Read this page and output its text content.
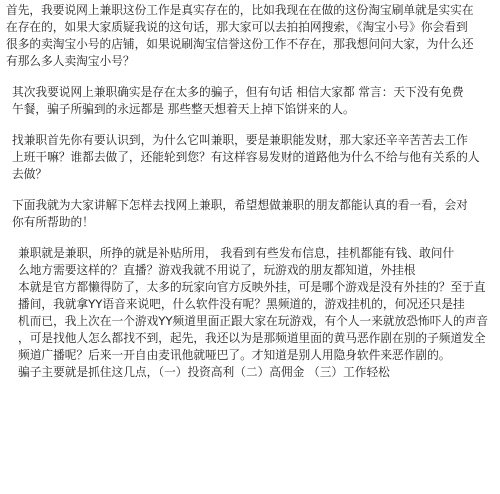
首先，我要说网上兼职这份工作是真实存在的，比如我现在在做的这份淘宝刷单就是实实在
在存在的，如果大家质疑我说的这句话，那大家可以去拍拍网搜索，《淘宝小号》你会看到
很多的卖淘宝小号的店铺，如果说刷淘宝信誉这份工作不存在，那我想问问大家，为什么还
有那么多人卖淘宝小号？
其次我要说网上兼职确实是存在太多的骗子，但有句话 相信大家都 常言：天下没有免费
午餐，骗子所骗到的永远都是 那些整天想着天上掉下馅饼来的人。
找兼职首先你有要认识到，为什么它叫兼职，要是兼职能发财，那大家还辛辛苦苦去工作
上班干嘛？谁都去做了，还能轮到您？有这样容易发财的道路他为什么不给与他有关系的人
去做？
下面我就为大家讲解下怎样去找网上兼职，希望想做兼职的朋友都能认真的看一看，会对
你有所帮助的！
兼职就是兼职，所挣的就是补贴所用， 我看到有些发布信息，挂机都能有钱、敢问什
么地方需要这样的？直播？游戏我就不用说了，玩游戏的朋友都知道，外挂根
本就是官方都懒得防了，太多的玩家向官方反映外挂，可是哪个游戏是没有外挂的？至于直
播间，我就拿YY语音来说吧，什么软件没有呢？黑频道的，游戏挂机的，何况还只是挂
机而已，我上次在一个游戏YY频道里面正跟大家在玩游戏，有个人一来就放恐怖吓人的声音
，可是找他人怎么都找不到，起先，我还以为是那频道里面的黄马恶作剧在别的子频道发全
频道广播呢？后来一开自由麦讯他就哑巴了。才知道是别人用隐身软件来恶作剧的。
骗子主要就是抓住这几点，（一）投资高利（二）高佣金 （三）工作轻松
